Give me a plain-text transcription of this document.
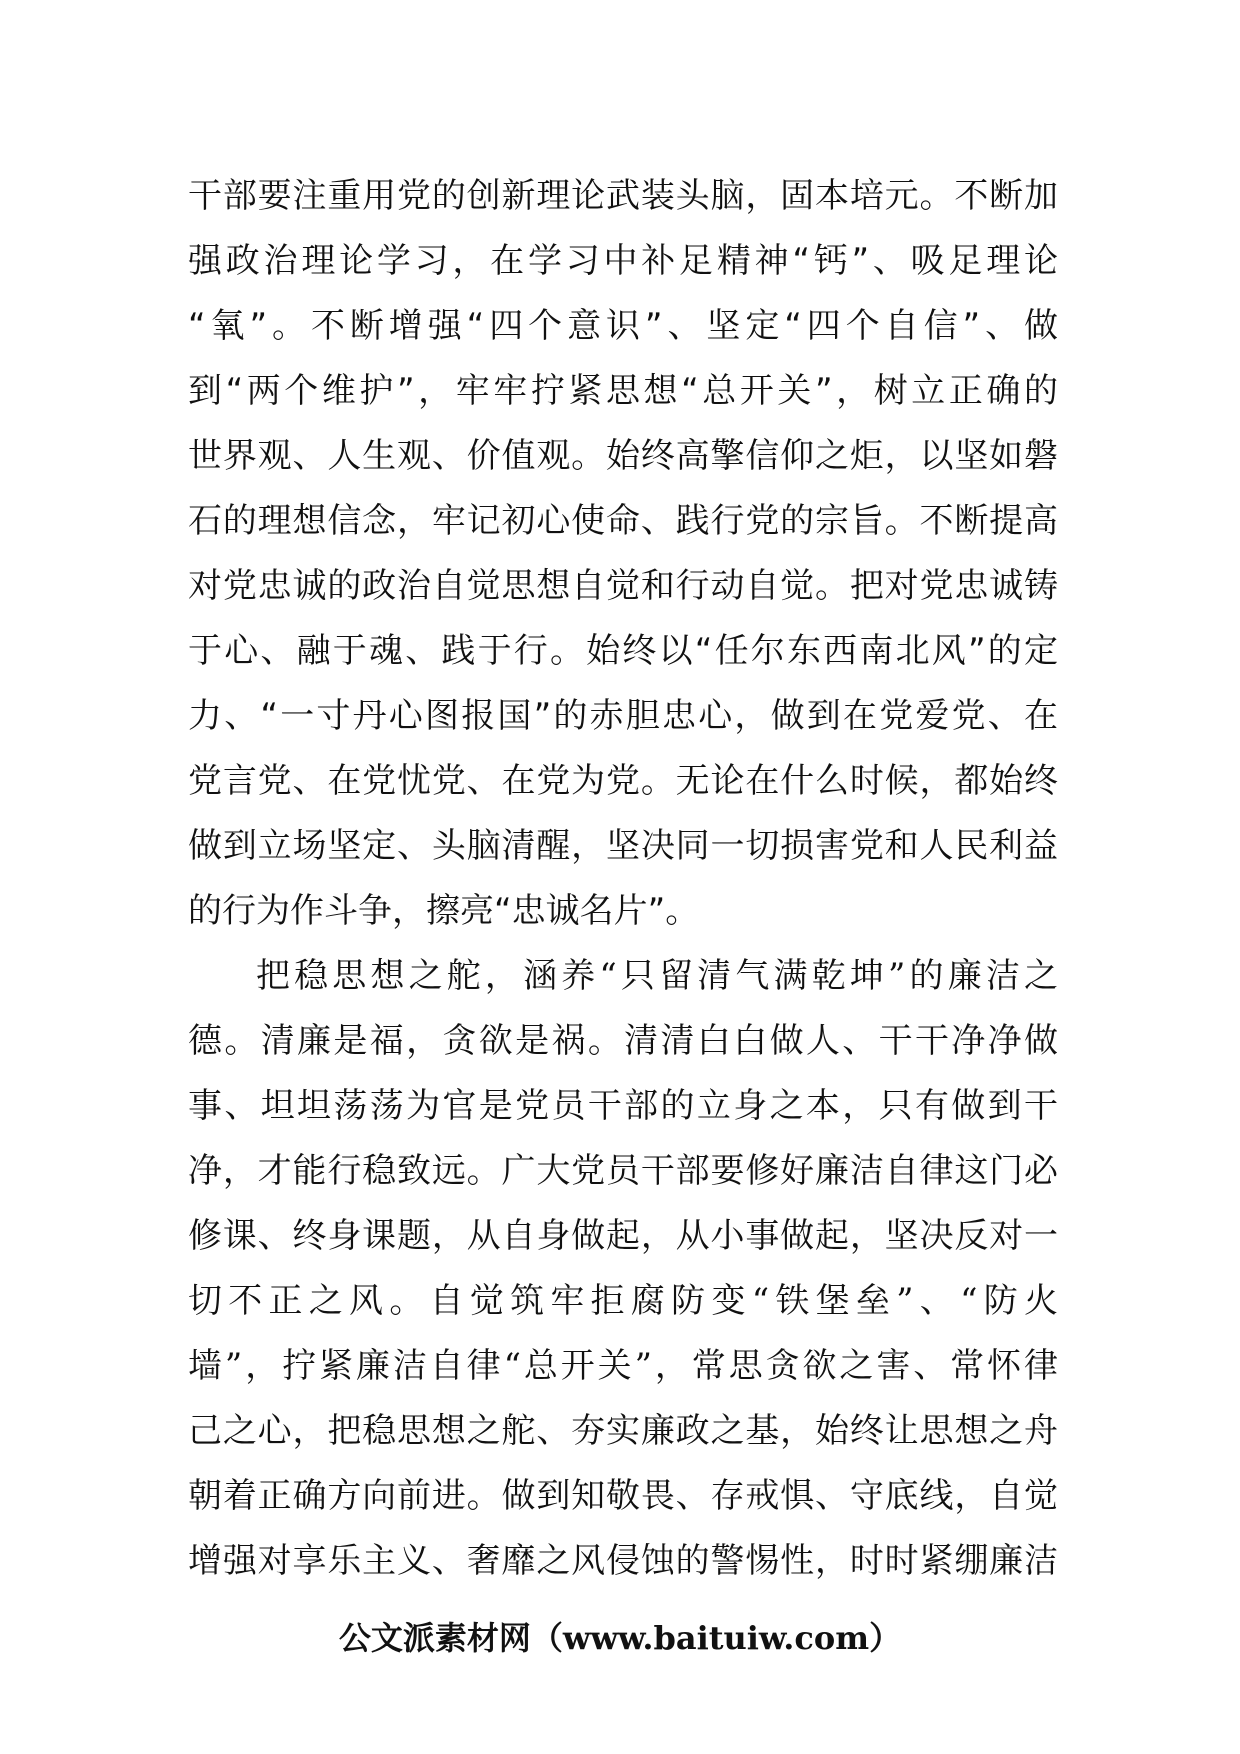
干部要注重用党的创新理论武装头脑，固本培元。不断加
强政治理论学习，在学习中补足精神“钙”、吸足理论
“氧”。不断增强“四个意识”、坚定“四个自信”、做
到“两个维护”，牢牢拧紧思想“总开关”，树立正确的
世界观、人生观、价值观。始终高擎信仰之炬，以坚如磐
石的理想信念，牢记初心使命、践行党的宗旨。不断提高
对党忠诚的政治自觉思想自觉和行动自觉。把对党忠诚铸
于心、融于魂、践于行。始终以“任尔东西南北风”的定
力、“一寸丹心图报国”的赤胆忠心，做到在党爱党、在
党言党、在党忧党、在党为党。无论在什么时候，都始终
做到立场坚定、头脑清醒，坚决同一切损害党和人民利益
的行为作斗争，擦亮“忠诚名片”。
把稳思想之舵，涵养“只留清气满乾坤”的廉洁之
德。清廉是福，贪欲是祸。清清白白做人、干干净净做
事、坦坦荡荡为官是党员干部的立身之本，只有做到干
净，才能行稳致远。广大党员干部要修好廉洁自律这门必
修课、终身课题，从自身做起，从小事做起，坚决反对一
切不正之风。自觉筑牢拒腐防变“铁堡垒”、“防火
墙”，拧紧廉洁自律“总开关”，常思贪欲之害、常怀律
己之心，把稳思想之舵、夯实廉政之基，始终让思想之舟
朝着正确方向前进。做到知敬畏、存戒惧、守底线，自觉
增强对享乐主义、奢靡之风侵蚀的警惕性，时时紧绷廉洁
公文派素材网（www.baituiw.com）
